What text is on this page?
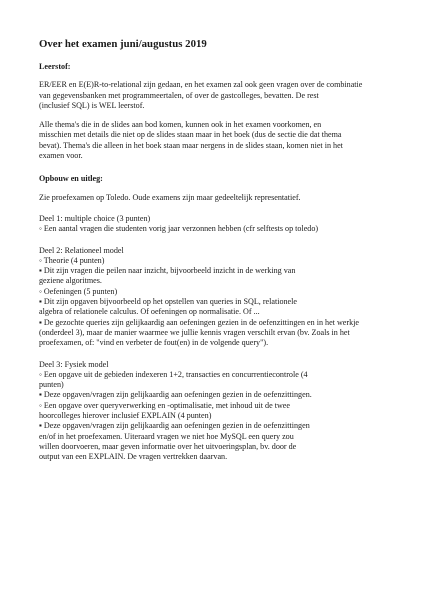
Over het examen juni/augustus 2019
Leerstof:

ER/EER en E(E)R-to-relational zijn gedaan, en het examen zal ook geen vragen over de combinatie
van gegevensbanken met programmeertalen, of over de gastcolleges, bevatten. De rest
(inclusief SQL) is WEL leerstof.

Alle thema's die in de slides aan bod komen, kunnen ook in het examen voorkomen, en
misschien met details die niet op de slides staan maar in het boek (dus de sectie die dat thema
bevat). Thema's die alleen in het boek staan maar nergens in de slides staan, komen niet in het
examen voor.

Opbouw en uitleg:

Zie proefexamen op Toledo. Oude examens zijn maar gedeeltelijk representatief.

Deel 1: multiple choice (3 punten)
◦ Een aantal vragen die studenten vorig jaar verzonnen hebben (cfr selftests op toledo)
Deel 2: Relationeel model
◦ Theorie (4 punten)
▪ Dit zijn vragen die peilen naar inzicht, bijvoorbeeld inzicht in de werking van
geziene algoritmes.
◦ Oefeningen (5 punten)
▪ Dit zijn opgaven bijvoorbeeld op het opstellen van queries in SQL, relationele
algebra of relationele calculus. Of oefeningen op normalisatie. Of ...
▪ De gezochte queries zijn gelijkaardig aan oefeningen gezien in de oefenzittingen en in het werkje
(onderdeel 3), maar de manier waarmee we jullie kennis vragen verschilt ervan (bv. Zoals in het
proefexamen, of: "vind en verbeter de fout(en) in de volgende query").
Deel 3: Fysiek model
◦ Een opgave uit de gebieden indexeren 1+2, transacties en concurrentiecontrole (4
punten)
▪ Deze opgaven/vragen zijn gelijkaardig aan oefeningen gezien in de oefenzittingen.
◦ Een opgave over queryverwerking en -optimalisatie, met inhoud uit de twee
hoorcolleges hierover inclusief EXPLAIN (4 punten)
▪ Deze opgaven/vragen zijn gelijkaardig aan oefeningen gezien in de oefenzittingen
en/of in het proefexamen. Uiteraard vragen we niet hoe MySQL een query zou
willen doorvoeren, maar geven informatie over het uitvoeringsplan, bv. door de
output van een EXPLAIN. De vragen vertrekken daarvan.
